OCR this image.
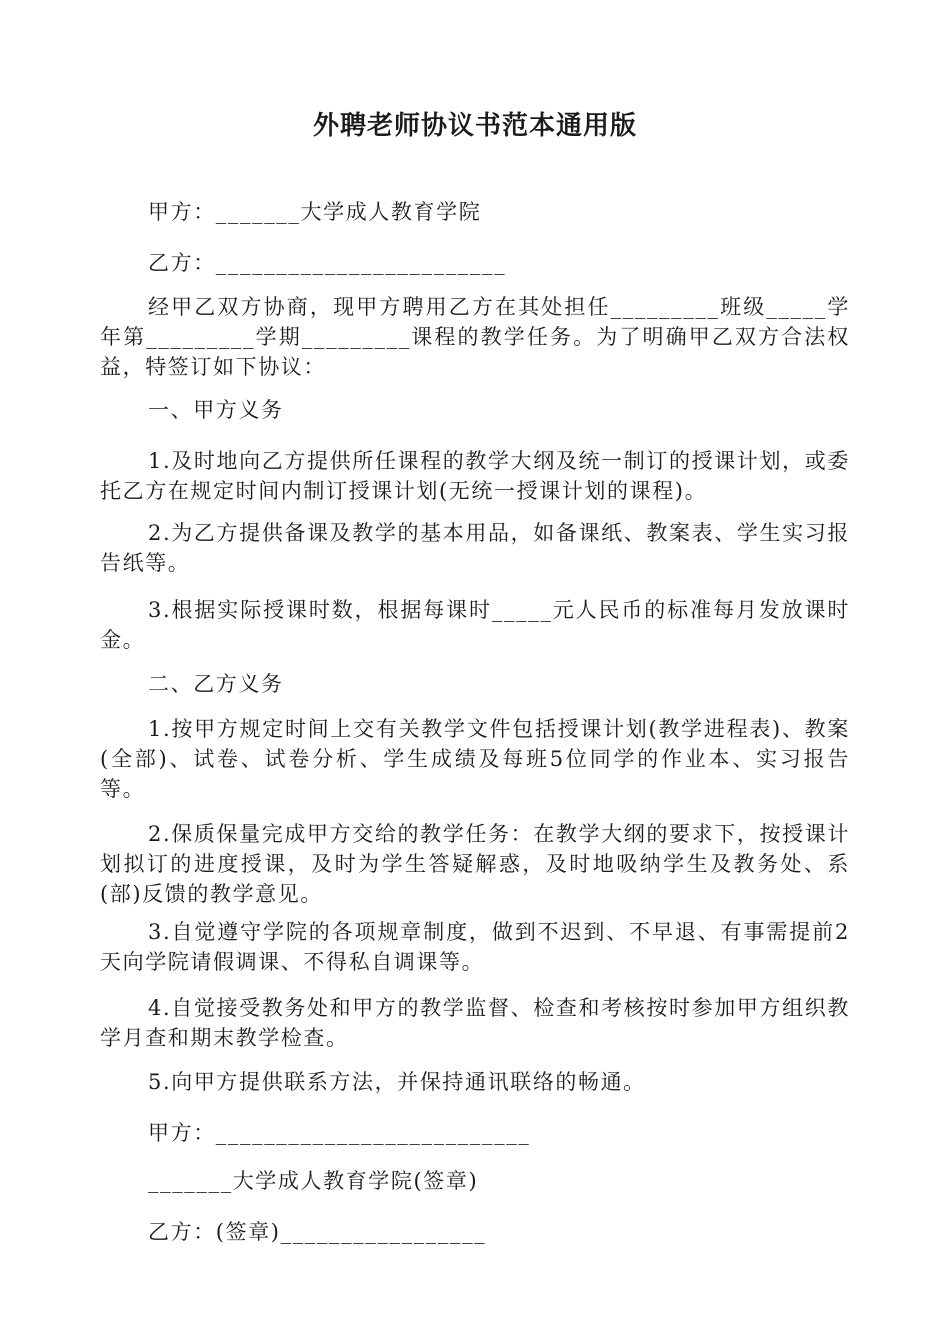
外聘老师协议书范本通用版
甲方：_______大学成人教育学院
乙方：________________________
经甲乙双方协商，现甲方聘用乙方在其处担任_________班级_____学年第_________学期_________课程的教学任务。为了明确甲乙双方合法权益，特签订如下协议：
一、甲方义务
1.及时地向乙方提供所任课程的教学大纲及统一制订的授课计划，或委托乙方在规定时间内制订授课计划(无统一授课计划的课程)。
2.为乙方提供备课及教学的基本用品，如备课纸、教案表、学生实习报告纸等。
3.根据实际授课时数，根据每课时_____元人民币的标准每月发放课时金。
二、乙方义务
1.按甲方规定时间上交有关教学文件包括授课计划(教学进程表)、教案(全部)、试卷、试卷分析、学生成绩及每班5位同学的作业本、实习报告等。
2.保质保量完成甲方交给的教学任务：在教学大纲的要求下，按授课计划拟订的进度授课，及时为学生答疑解惑，及时地吸纳学生及教务处、系(部)反馈的教学意见。
3.自觉遵守学院的各项规章制度，做到不迟到、不早退、有事需提前2天向学院请假调课、不得私自调课等。
4.自觉接受教务处和甲方的教学监督、检查和考核按时参加甲方组织教学月查和期末教学检查。
5.向甲方提供联系方法，并保持通讯联络的畅通。
甲方：__________________________
_______大学成人教育学院(签章)
乙方：(签章)_________________
